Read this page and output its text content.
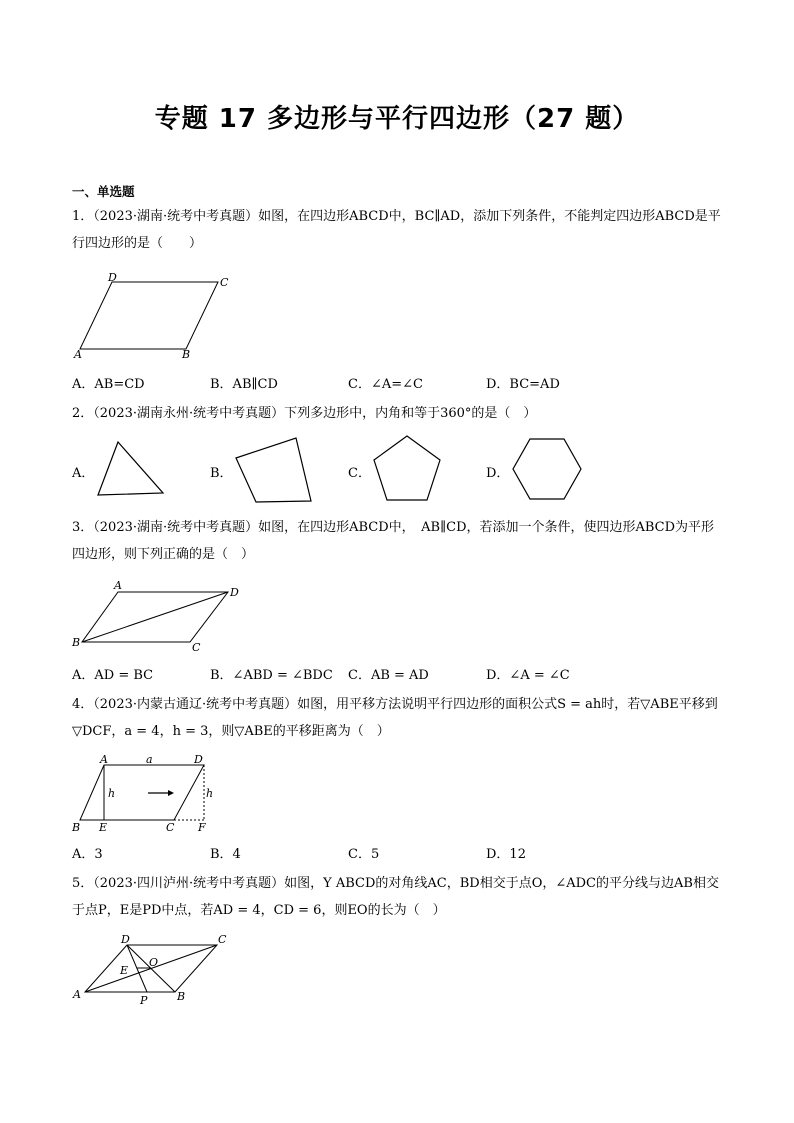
专题 17 多边形与平行四边形（27 题）
一、单选题
1．（2023·湖南·统考中考真题）如图，在四边形ABCD中，BC∥AD，添加下列条件，不能判定四边形ABCD是平行四边形的是（　　）
A	B
C
D
A．AB=CD	B．AB∥CD	C．∠A=∠C	D．BC=AD
2．（2023·湖南永州·统考中考真题）下列多边形中，内角和等于360°的是（　）
A．	B．	C．	D．
3．（2023·湖南·统考中考真题）如图，在四边形ABCD中，　AB∥CD，若添加一个条件，使四边形ABCD为平形四边形，则下列正确的是（　）
A
B	C
D
A．AD = BC	B．∠ABD = ∠BDC C．AB = AD	D．∠A = ∠C
4．（2023·内蒙古通辽·统考中考真题）如图，用平移方法说明平行四边形的面积公式S = ah时，若▽ABE平移到▽DCF，a = 4，h = 3，则▽ABE的平移距离为（　）
A	D
a
h	h
B E	C F
A．3	B．4	C．5	D．12
5．（2023·四川泸州·统考中考真题）如图，Y ABCD的对角线AC，BD相交于点O，∠ADC的平分线与边AB相交于点P，E是PD中点，若AD = 4，CD = 6，则EO的长为（　）
D	C
E
O
A	P	B
